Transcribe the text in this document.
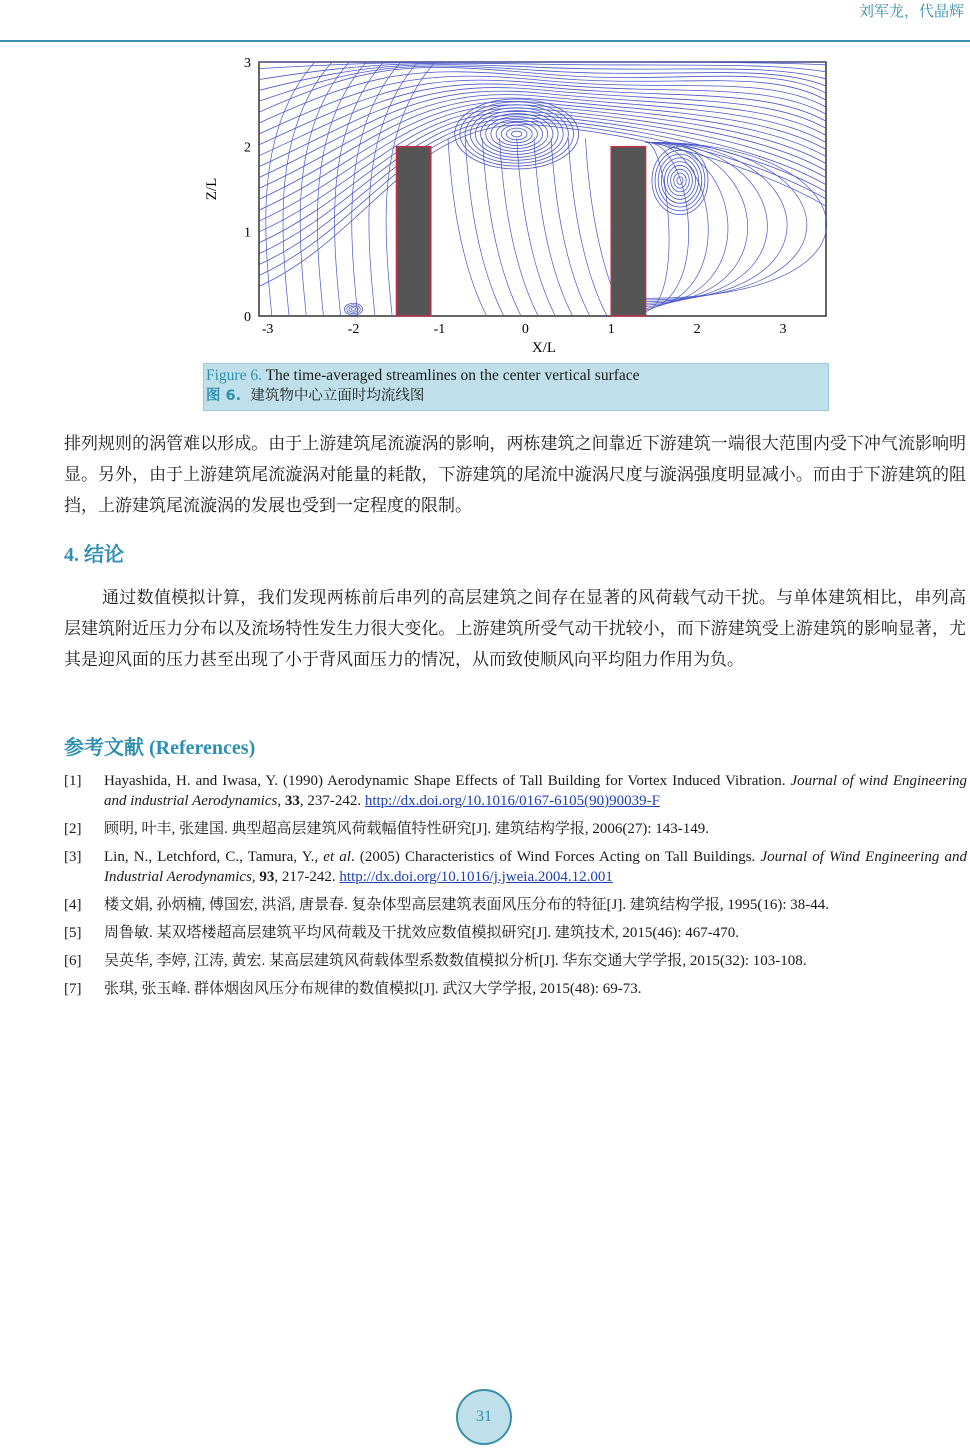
刘军龙，代晶辉
-3	-2	-1	0	1	2	3
0
1
2
3
X/L
Z/L
Figure 6. The time-averaged streamlines on the center vertical surface
图 6. 建筑物中心立面时均流线图
排列规则的涡管难以形成。由于上游建筑尾流漩涡的影响，两栋建筑之间靠近下游建筑一端很大范围内受下冲气流影响明显。另外，由于上游建筑尾流漩涡对能量的耗散，下游建筑的尾流中漩涡尺度与漩涡强度明显减小。而由于下游建筑的阻挡，上游建筑尾流漩涡的发展也受到一定程度的限制。
4. 结论
通过数值模拟计算，我们发现两栋前后串列的高层建筑之间存在显著的风荷载气动干扰。与单体建筑相比，串列高层建筑附近压力分布以及流场特性发生力很大变化。上游建筑所受气动干扰较小，而下游建筑受上游建筑的影响显著，尤其是迎风面的压力甚至出现了小于背风面压力的情况，从而致使顺风向平均阻力作用为负。
参考文献 (References)
[1]	Hayashida, H. and Iwasa, Y. (1990) Aerodynamic Shape Effects of Tall Building for Vortex Induced Vibration. Journal of wind Engineering and industrial Aerodynamics, 33, 237-242. http://dx.doi.org/10.1016/0167-6105(90)90039-F
[2]	顾明, 叶丰, 张建国. 典型超高层建筑风荷载幅值特性研究[J]. 建筑结构学报, 2006(27): 143-149.
[3]	Lin, N., Letchford, C., Tamura, Y., et al. (2005) Characteristics of Wind Forces Acting on Tall Buildings. Journal of Wind Engineering and Industrial Aerodynamics, 93, 217-242. http://dx.doi.org/10.1016/j.jweia.2004.12.001
[4]	楼文娟, 孙炳楠, 傅国宏, 洪滔, 唐景春. 复杂体型高层建筑表面风压分布的特征[J]. 建筑结构学报, 1995(16): 38-44.
[5]	周鲁敏. 某双塔楼超高层建筑平均风荷载及干扰效应数值模拟研究[J]. 建筑技术, 2015(46): 467-470.
[6]	吴英华, 李婷, 江涛, 黄宏. 某高层建筑风荷载体型系数数值模拟分析[J]. 华东交通大学学报, 2015(32): 103-108.
[7]	张琪, 张玉峰. 群体烟囱风压分布规律的数值模拟[J]. 武汉大学学报, 2015(48): 69-73.
31
